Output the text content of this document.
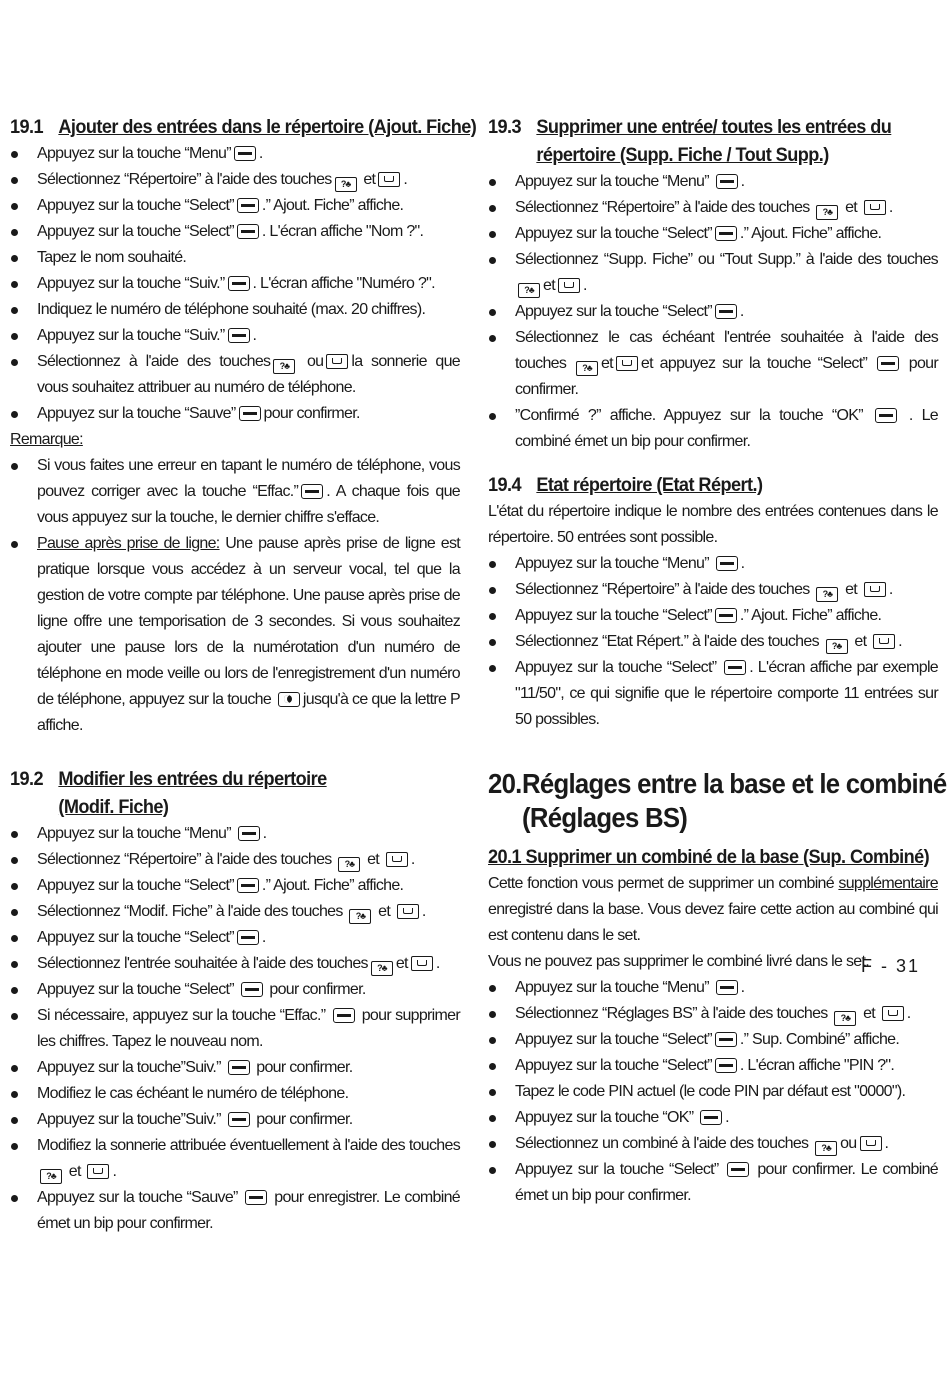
19.1 Ajouter des entrées dans le répertoire (Ajout. Fiche)
Appuyez sur la touche “Menu” .
Sélectionnez “Répertoire” à l'aide des touches ?♣ et .
Appuyez sur la touche “Select” .” Ajout. Fiche” affiche.
Appuyez sur la touche “Select” . L'écran affiche "Nom ?".
Tapez le nom souhaité.
Appuyez sur la touche “Suiv.” . L'écran affiche "Numéro ?".
Indiquez le numéro de téléphone souhaité (max. 20 chiffres).
Appuyez sur la touche “Suiv.” .
Sélectionnez à l'aide des touches ?♣ ou la sonnerie que vous souhaitez attribuer au numéro de téléphone.
Appuyez sur la touche “Sauve” pour confirmer.

Remarque:

Si vous faites une erreur en tapant le numéro de téléphone, vous pouvez corriger avec la touche “Effac.” . A chaque fois que vous appuyez sur la touche, le dernier chiffre s'efface.
Pause après prise de ligne: Une pause après prise de ligne est pratique lorsque vous accédez à un serveur vocal, tel que la gestion de votre compte par téléphone. Une pause après prise de ligne offre une temporisation de 3 secondes. Si vous souhaitez ajouter une pause lors de la numérotation d'un numéro de téléphone en mode veille ou lors de l'enregistrement d'un numéro de téléphone, appuyez sur la touche jusqu'à ce que la lettre P affiche.
19.2 Modifier les entrées du répertoire
(Modif. Fiche)
Appuyez sur la touche “Menu” .
Sélectionnez “Répertoire” à l'aide des touches ?♣ et .
Appuyez sur la touche “Select” .” Ajout. Fiche” affiche.
Sélectionnez “Modif. Fiche” à l'aide des touches ?♣ et .
Appuyez sur la touche “Select” .
Sélectionnez l'entrée souhaitée à l'aide des touches ?♣ et .
Appuyez sur la touche “Select” pour confirmer.
Si nécessaire, appuyez sur la touche “Effac.” pour supprimer les chiffres. Tapez le nouveau nom.
Appuyez sur la touche”Suiv.” pour confirmer.
Modifiez le cas échéant le numéro de téléphone.
Appuyez sur la touche”Suiv.” pour confirmer.
Modifiez la sonnerie attribuée éventuellement à l'aide des touches ?♣ et .
Appuyez sur la touche “Sauve” pour enregistrer. Le combiné émet un bip pour confirmer.
19.3 Supprimer une entrée/ toutes les entrées du
répertoire (Supp. Fiche / Tout Supp.)
Appuyez sur la touche “Menu” .
Sélectionnez “Répertoire” à l'aide des touches ?♣ et .
Appuyez sur la touche “Select” .” Ajout. Fiche” affiche.
Sélectionnez “Supp. Fiche” ou “Tout Supp.” à l'aide des touches ?♣et .
Appuyez sur la touche “Select” .
Sélectionnez le cas échéant l'entrée souhaitée à l'aide des touches ?♣ et et appuyez sur la touche “Select”	pour confirmer.
”Confirmé ?” affiche. Appuyez sur la touche “OK”	. Le combiné émet un bip pour confirmer.
19.4 Etat répertoire (Etat Répert.)

L'état du répertoire indique le nombre des entrées contenues dans le répertoire. 50 entrées sont possible.

Appuyez sur la touche “Menu” .
Sélectionnez “Répertoire” à l'aide des touches ?♣ et .
Appuyez sur la touche “Select” .” Ajout. Fiche” affiche.
Sélectionnez “Etat Répert.” à l'aide des touches ?♣ et .
Appuyez sur la touche “Select” . L'écran affiche par exemple "11/50", ce qui signifie que le répertoire comporte 11 entrées sur 50 possibles.
20.Réglages entre la base et le combiné
(Réglages BS)
20.1 Supprimer un combiné de la base (Sup. Combiné)

Cette fonction vous permet de supprimer un combiné supplémentaire enregistré dans la base. Vous devez faire cette action au combiné qui est contenu dans le set.

Vous ne pouvez pas supprimer le combiné livré dans le set.

Appuyez sur la touche “Menu” .
Sélectionnez “Réglages BS” à l'aide des touches ?♣ et .
Appuyez sur la touche “Select” .” Sup. Combiné” affiche.
Appuyez sur la touche “Select” . L'écran affiche "PIN ?".
Tapez le code PIN actuel (le code PIN par défaut est "0000").
Appuyez sur la touche “OK” .
Sélectionnez un combiné à l'aide des touches ?♣ ou .
Appuyez sur la touche “Select” pour confirmer. Le combiné émet un bip pour confirmer.
F - 31
